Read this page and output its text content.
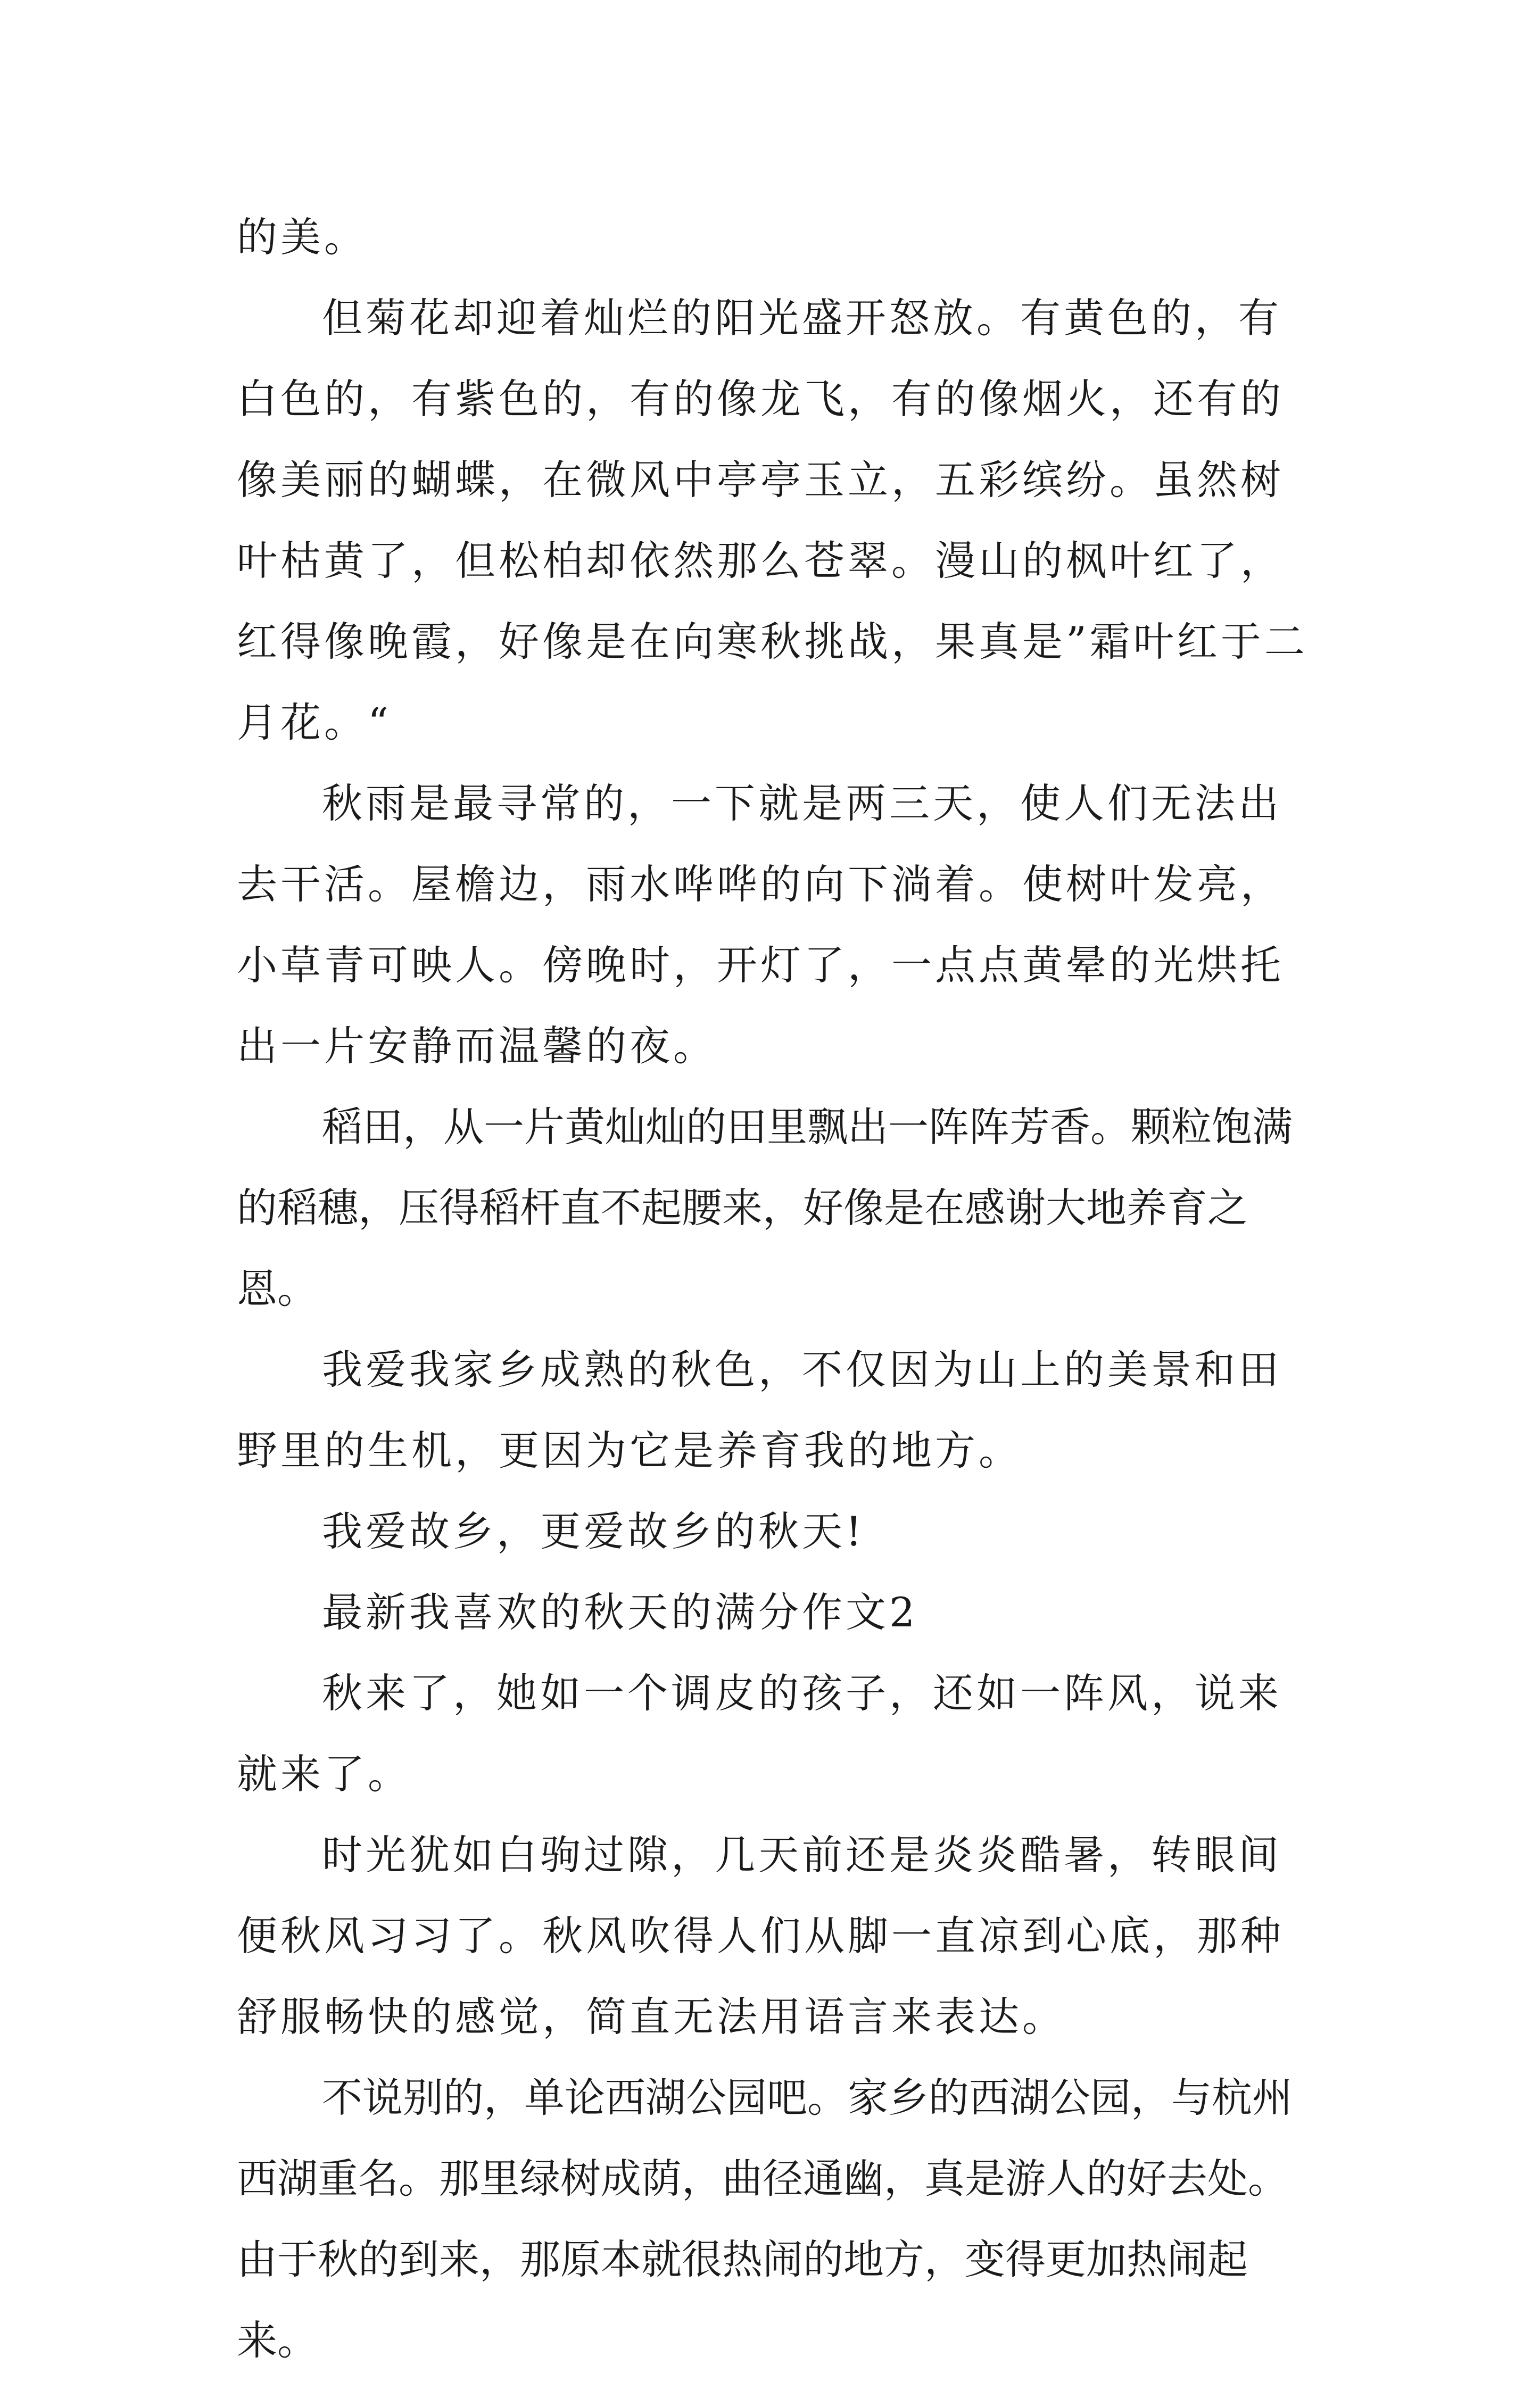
的美。

但菊花却迎着灿烂的阳光盛开怒放。有黄色的，有白色的，有紫色的，有的像龙飞，有的像烟火，还有的像美丽的蝴蝶，在微风中亭亭玉立，五彩缤纷。虽然树叶枯黄了，但松柏却依然那么苍翠。漫山的枫叶红了，红得像晚霞，好像是在向寒秋挑战，果真是”霜叶红于二月花。“

秋雨是最寻常的，一下就是两三天，使人们无法出去干活。屋檐边，雨水哗哗的向下淌着。使树叶发亮，小草青可映人。傍晚时，开灯了，一点点黄晕的光烘托出一片安静而温馨的夜。

稻田，从一片黄灿灿的田里飘出一阵阵芳香。颗粒饱满的稻穗，压得稻杆直不起腰来，好像是在感谢大地养育之恩。

我爱我家乡成熟的秋色，不仅因为山上的美景和田野里的生机，更因为它是养育我的地方。

我爱故乡，更爱故乡的秋天!

最新我喜欢的秋天的满分作文2

秋来了，她如一个调皮的孩子，还如一阵风，说来就来了。

时光犹如白驹过隙，几天前还是炎炎酷暑，转眼间便秋风习习了。秋风吹得人们从脚一直凉到心底，那种舒服畅快的感觉，简直无法用语言来表达。

不说别的，单论西湖公园吧。家乡的西湖公园，与杭州西湖重名。那里绿树成荫，曲径通幽，真是游人的好去处。由于秋的到来，那原本就很热闹的地方，变得更加热闹起来。
